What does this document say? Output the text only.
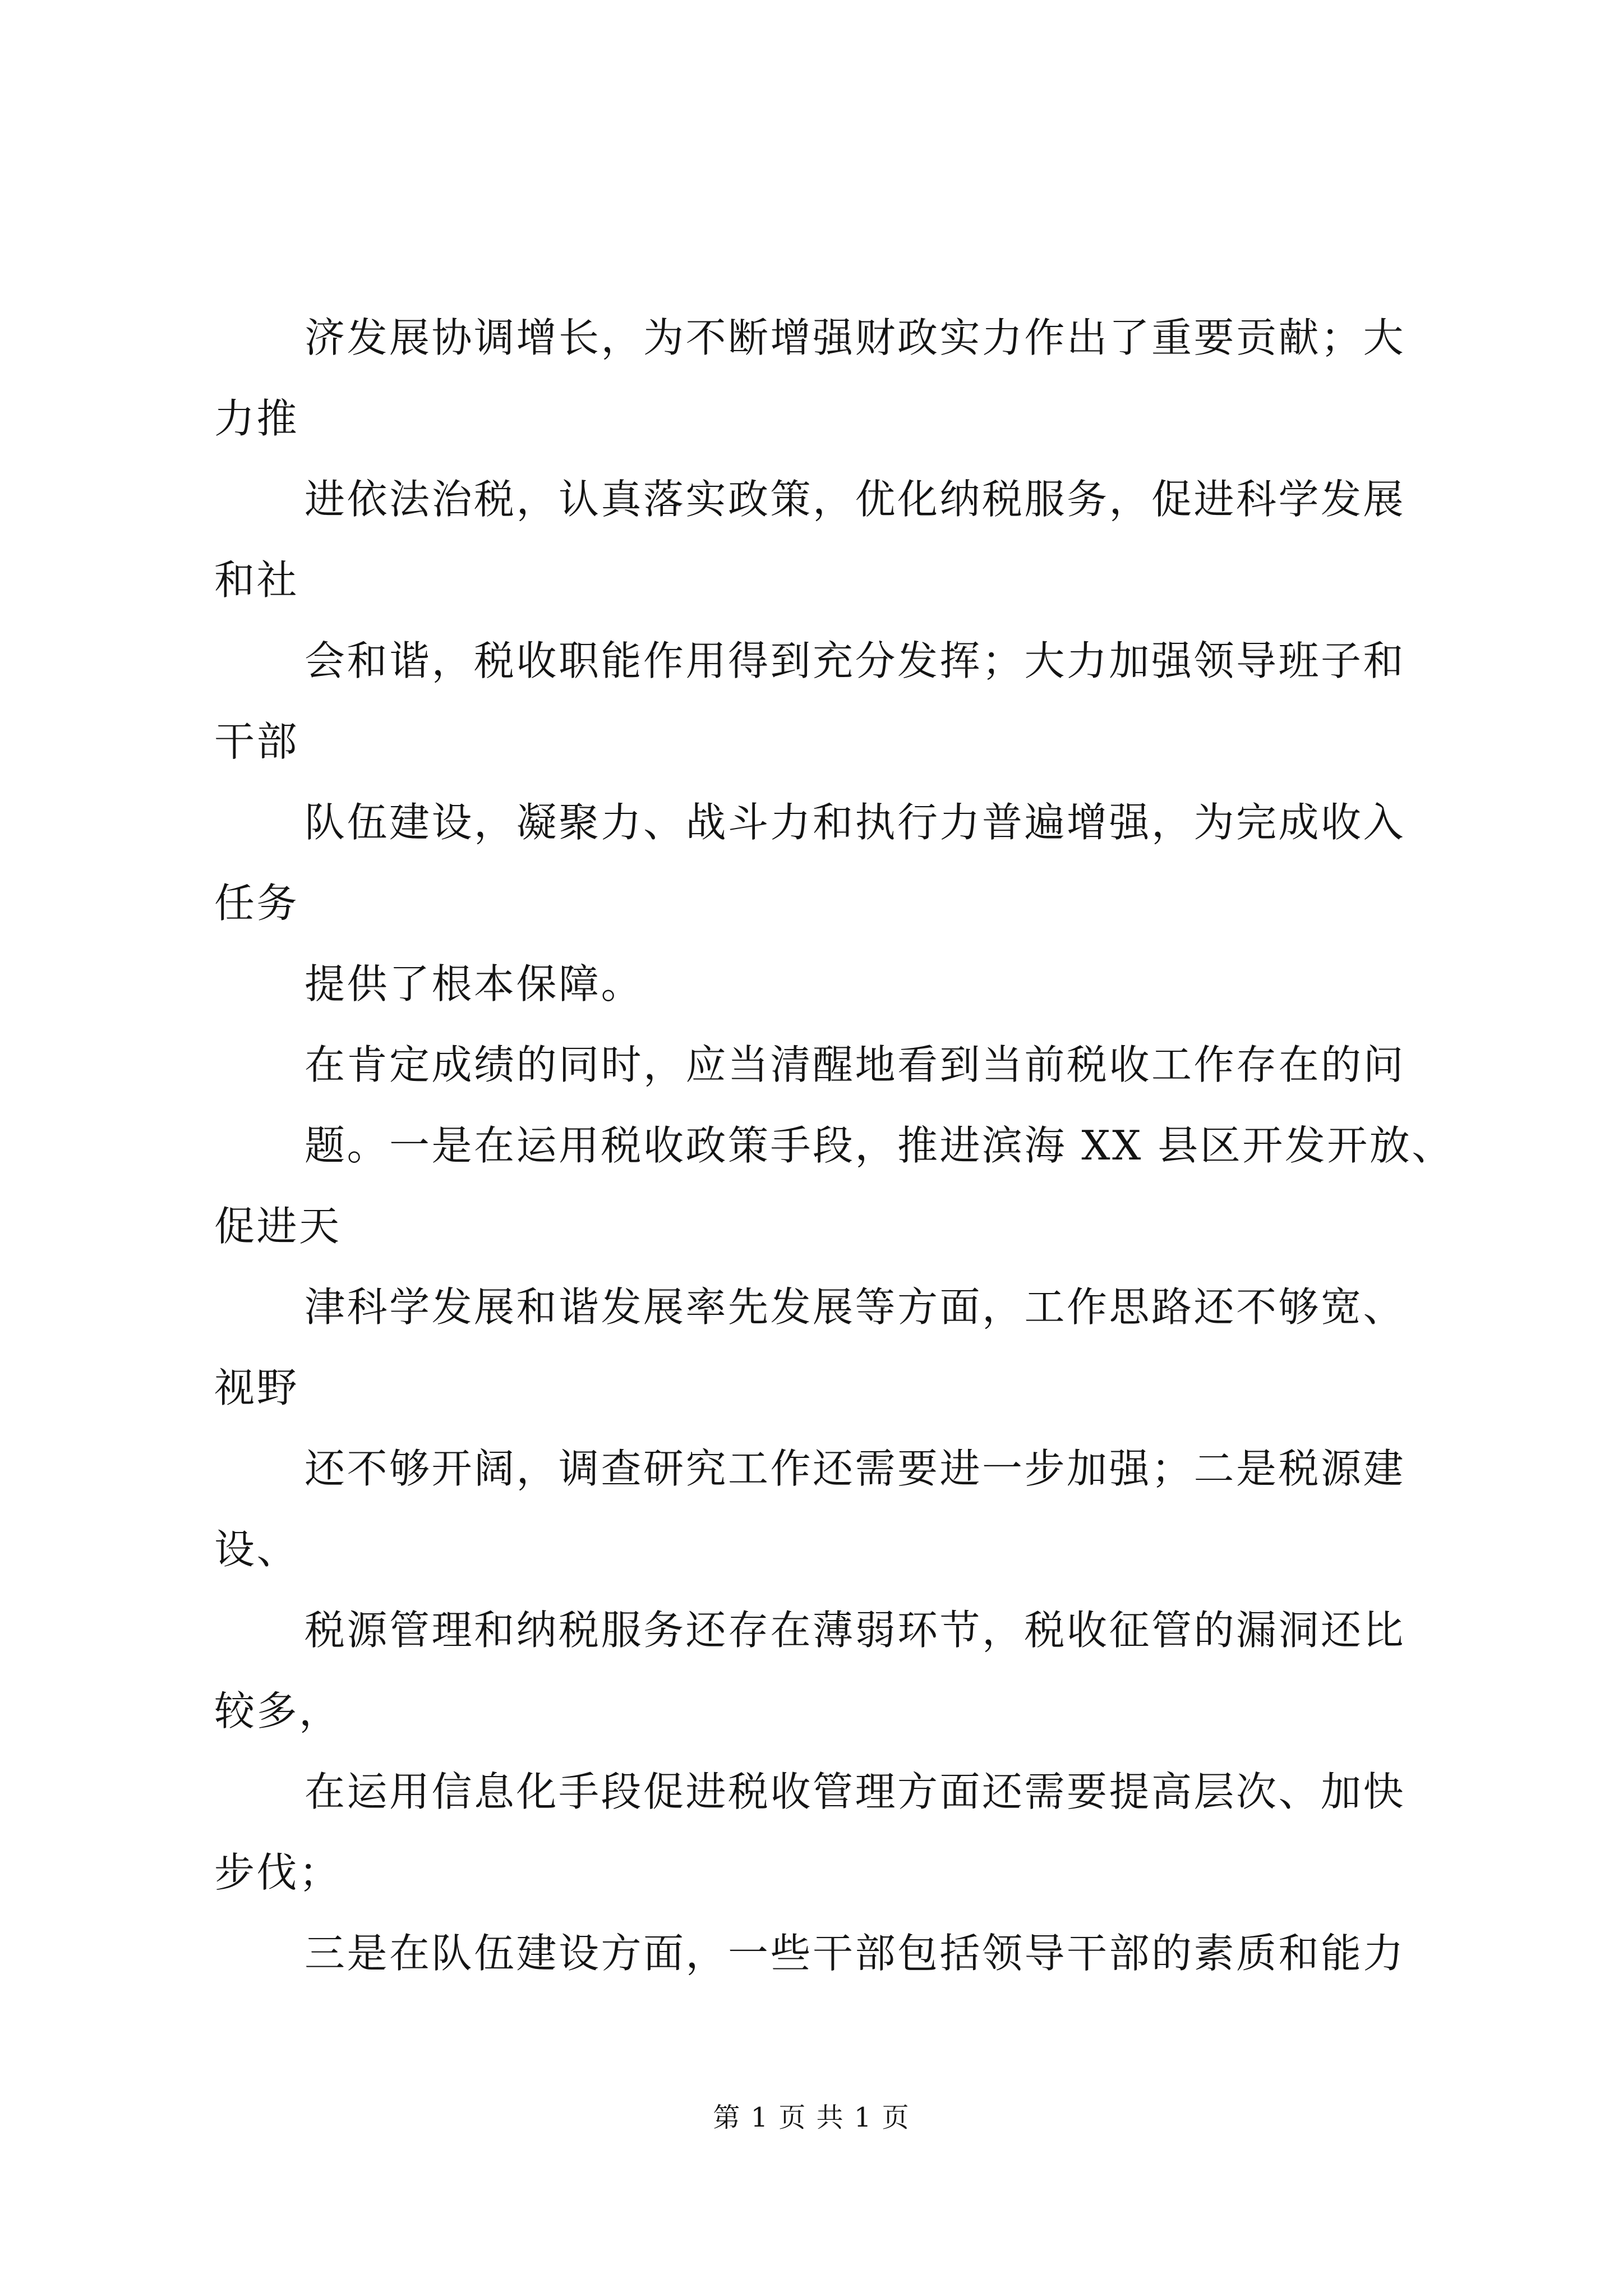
济发展协调增长，为不断增强财政实力作出了重要贡献；大
力推
进依法治税，认真落实政策，优化纳税服务，促进科学发展
和社
会和谐，税收职能作用得到充分发挥；大力加强领导班子和
干部
队伍建设，凝聚力、战斗力和执行力普遍增强，为完成收入
任务
提供了根本保障。
在肯定成绩的同时，应当清醒地看到当前税收工作存在的问
题。一是在运用税收政策手段，推进滨海 XX 县区开发开放、
促进天
津科学发展和谐发展率先发展等方面，工作思路还不够宽、
视野
还不够开阔，调查研究工作还需要进一步加强；二是税源建
设、
税源管理和纳税服务还存在薄弱环节，税收征管的漏洞还比
较多，
在运用信息化手段促进税收管理方面还需要提高层次、加快
步伐；
三是在队伍建设方面，一些干部包括领导干部的素质和能力
第 1 页 共 1 页
